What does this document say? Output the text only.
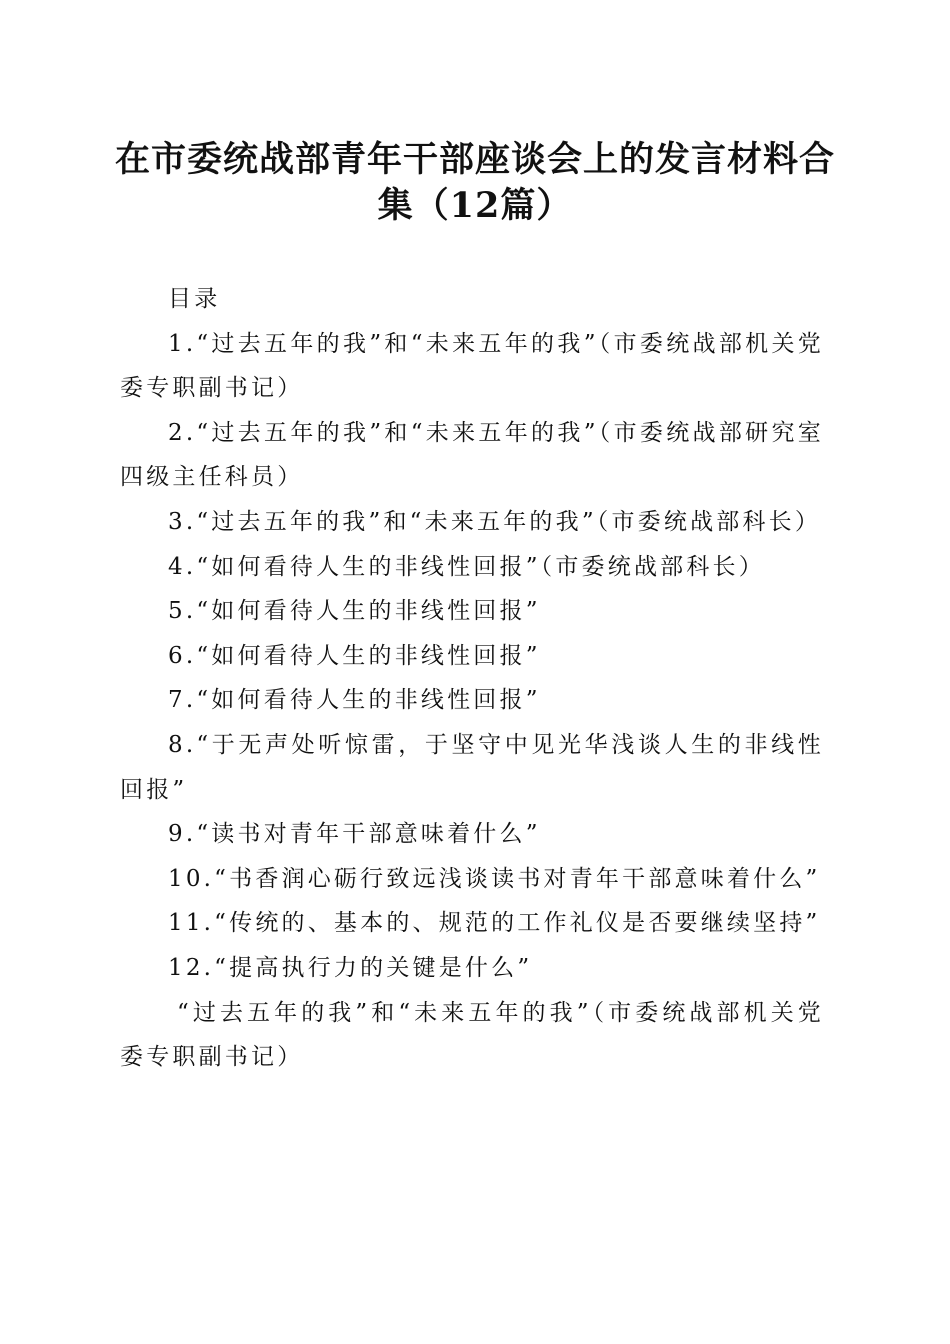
在市委统战部青年干部座谈会上的发言材料合
集（12篇）

目录

1.“过去五年的我”和“未来五年的我”（市委统战部机关党委专职副书记）

2.“过去五年的我”和“未来五年的我”（市委统战部研究室四级主任科员）

3.“过去五年的我”和“未来五年的我”（市委统战部科长）

4.“如何看待人生的非线性回报”（市委统战部科长）

5.“如何看待人生的非线性回报”

6.“如何看待人生的非线性回报”

7.“如何看待人生的非线性回报”

8.“于无声处听惊雷，于坚守中见光华浅谈人生的非线性回报”

9.“读书对青年干部意味着什么”

10.“书香润心砺行致远浅谈读书对青年干部意味着什么”

11.“传统的、基本的、规范的工作礼仪是否要继续坚持”

12.“提高执行力的关键是什么”

“过去五年的我”和“未来五年的我”（市委统战部机关党委专职副书记）
